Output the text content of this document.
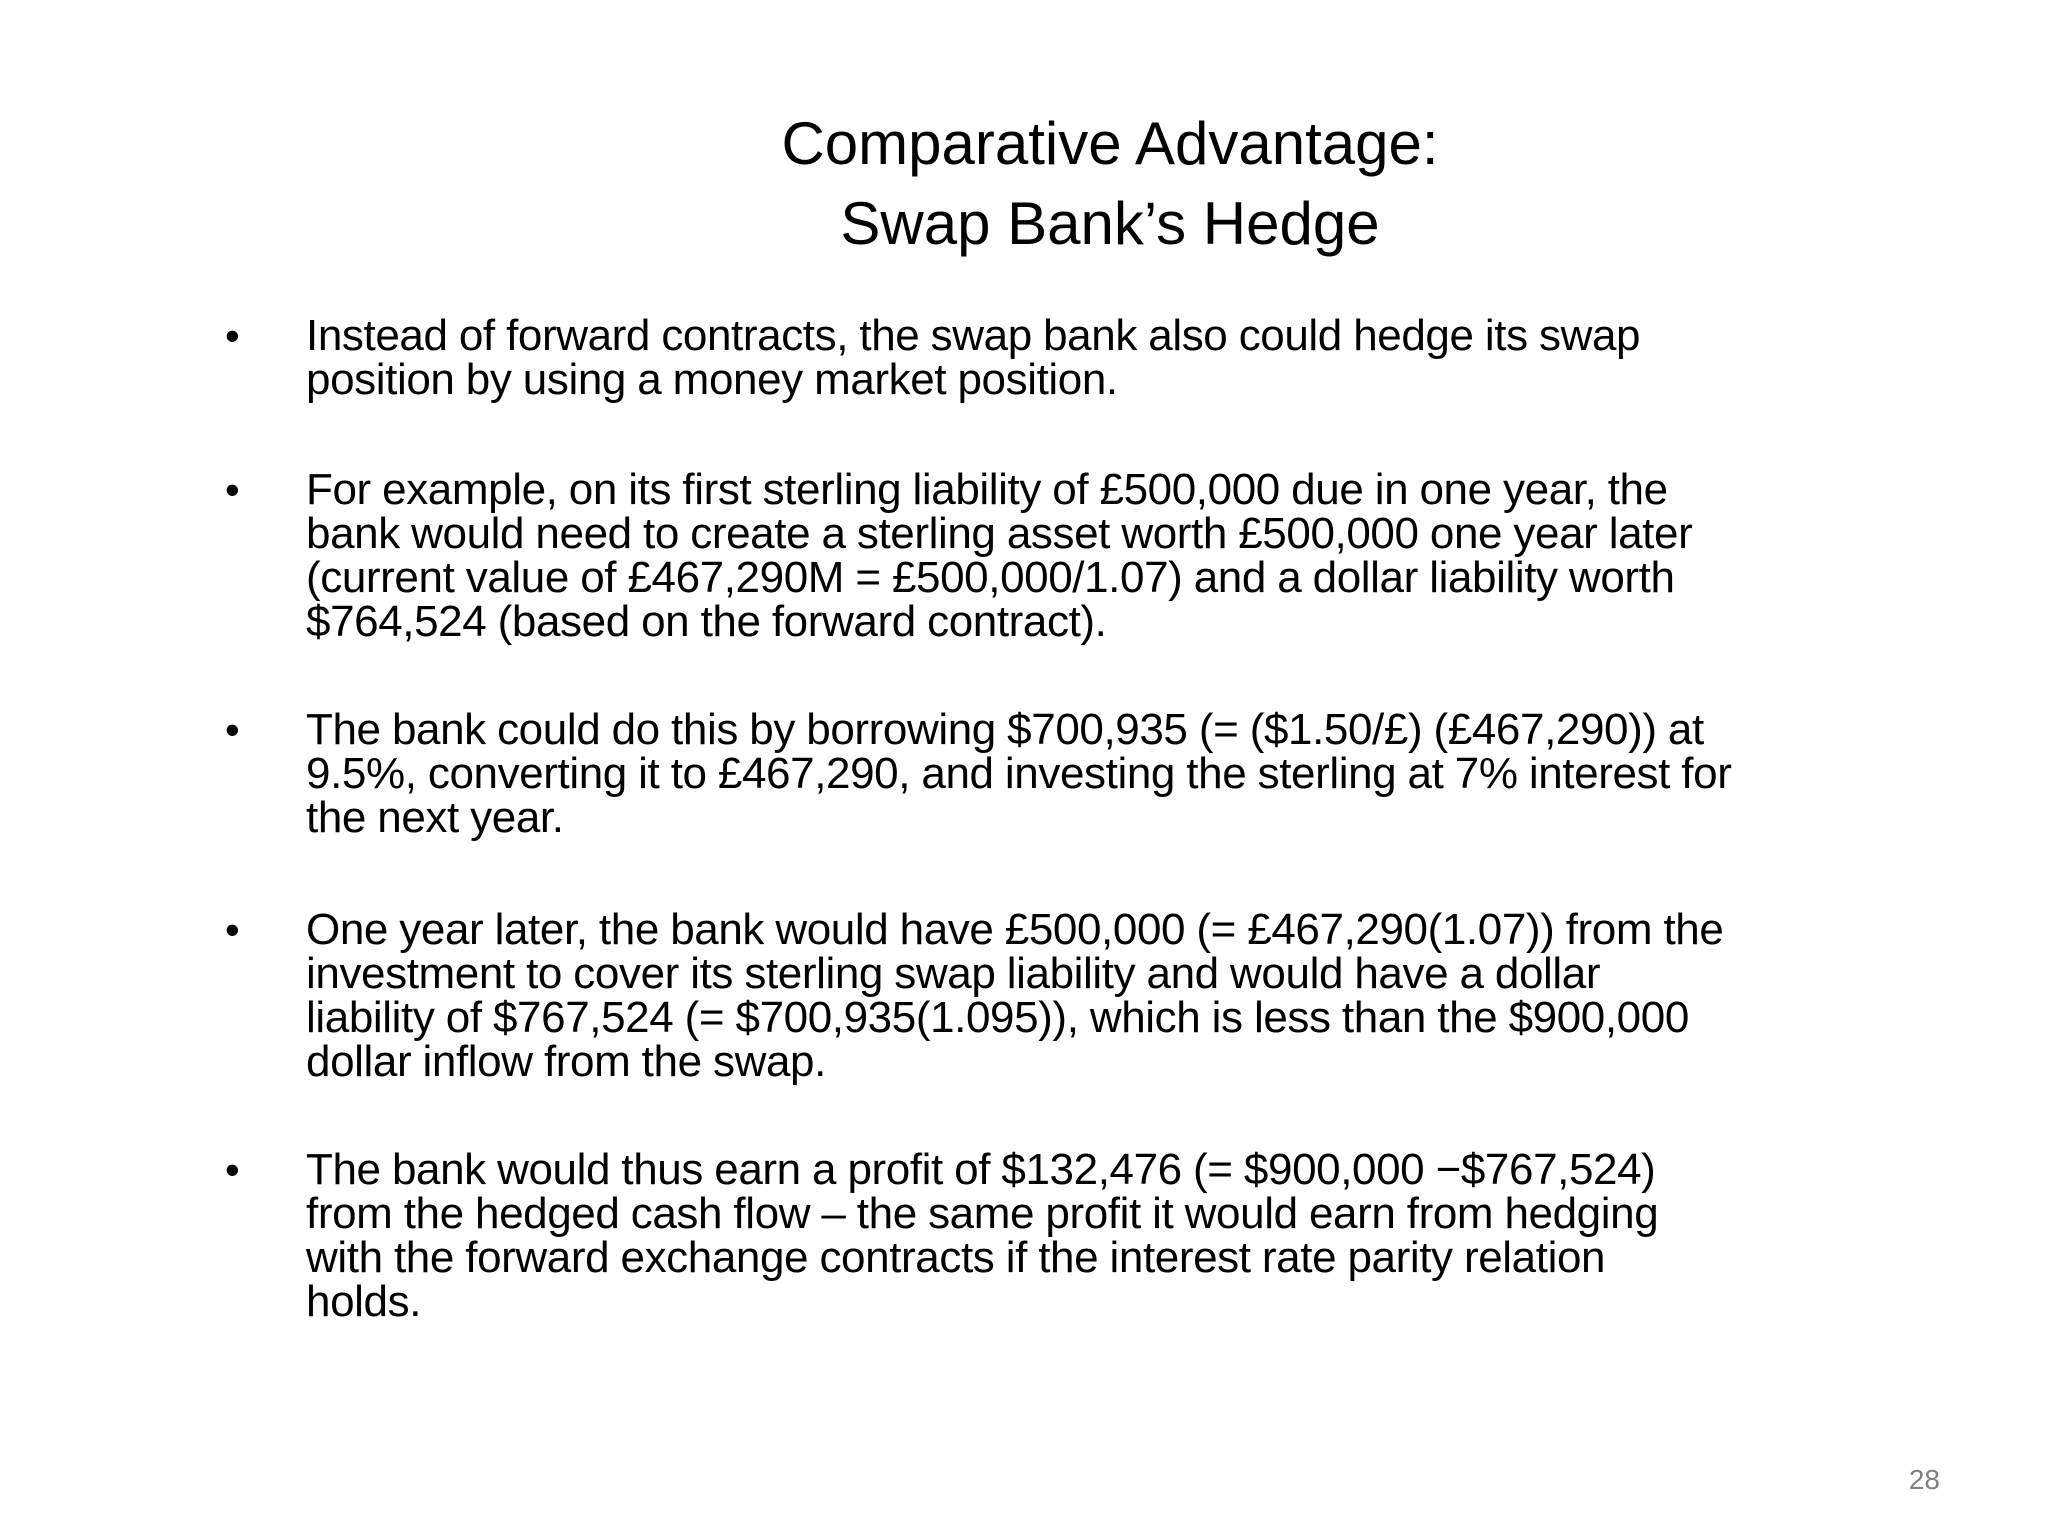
Comparative Advantage:
Swap Bank’s Hedge
• Instead of forward contracts, the swap bank also could hedge its swap
position by using a money market position.
• For example, on its first sterling liability of £500,000 due in one year, the
bank would need to create a sterling asset worth £500,000 one year later
(current value of £467,290M = £500,000/1.07) and a dollar liability worth
$764,524 (based on the forward contract).
• The bank could do this by borrowing $700,935 (= ($1.50/£) (£467,290)) at
9.5%, converting it to £467,290, and investing the sterling at 7% interest for
the next year.
• One year later, the bank would have £500,000 (= £467,290(1.07)) from the
investment to cover its sterling swap liability and would have a dollar
liability of $767,524 (= $700,935(1.095)), which is less than the $900,000
dollar inflow from the swap.
• The bank would thus earn a profit of $132,476 (= $900,000 −$767,524)
from the hedged cash flow – the same profit it would earn from hedging
with the forward exchange contracts if the interest rate parity relation
holds.
28
